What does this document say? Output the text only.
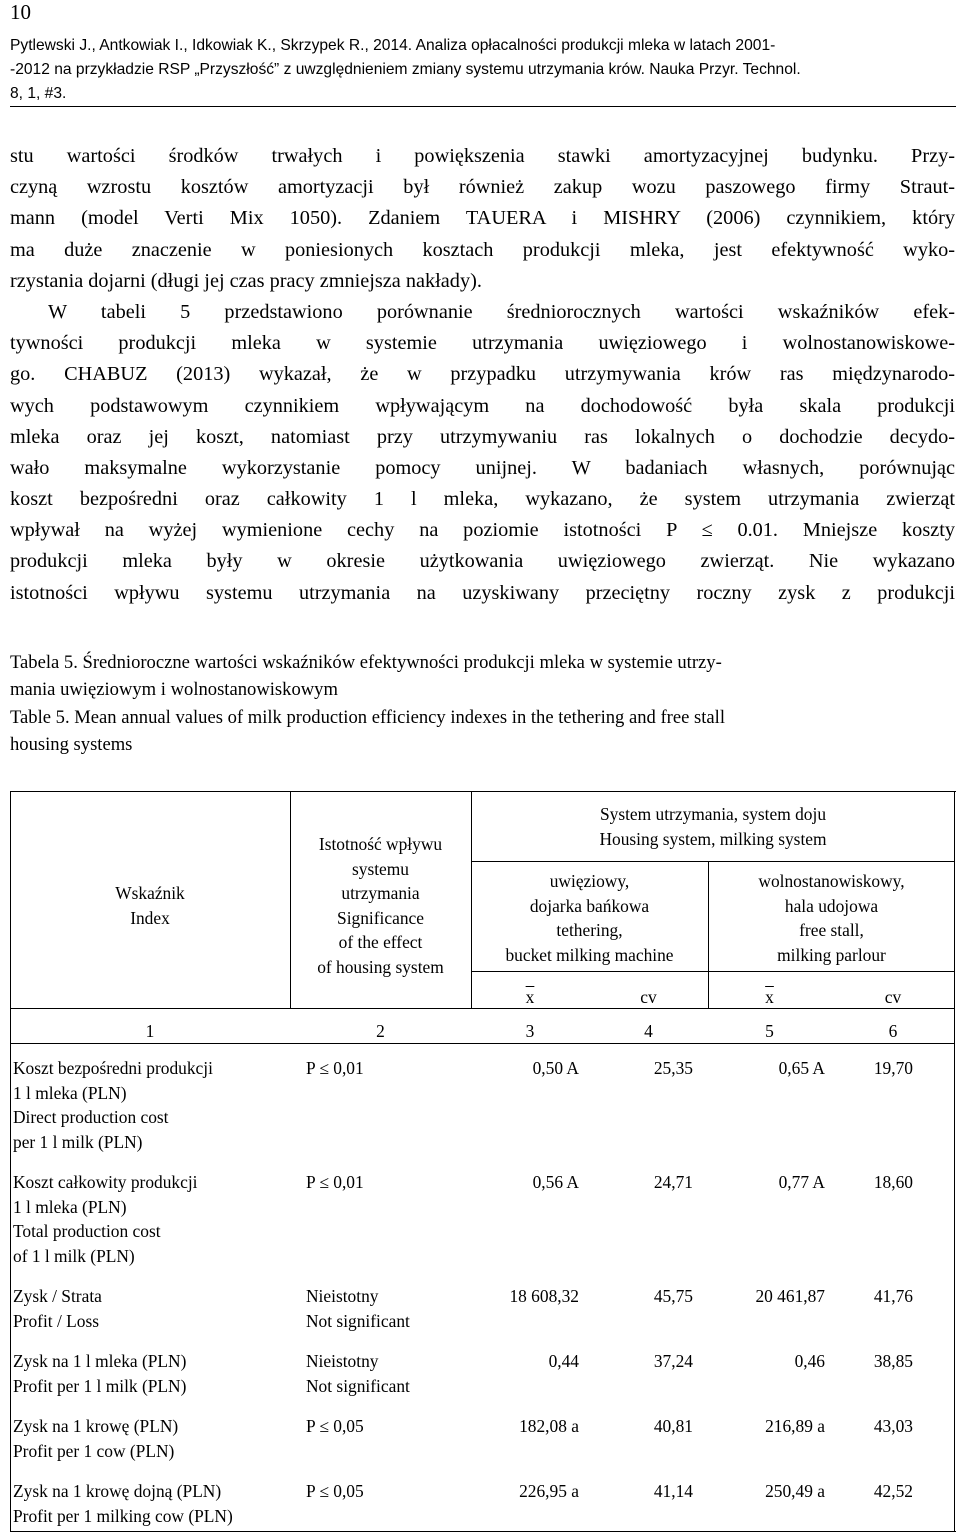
10
Pytlewski J., Antkowiak I., Idkowiak K., Skrzypek R., 2014. Analiza opłacalności produkcji mleka w latach 2001-
-2012 na przykładzie RSP „Przyszłość” z uwzględnieniem zmiany systemu utrzymania krów. Nauka Przyr. Technol.
8, 1, #3.
stu wartości środków trwałych i powiększenia stawki amortyzacyjnej budynku. Przy-
czyną wzrostu kosztów amortyzacji był również zakup wozu paszowego firmy Straut-
mann (model Verti Mix 1050). Zdaniem TAUERA i MISHRY (2006) czynnikiem, który
ma duże znaczenie w poniesionych kosztach produkcji mleka, jest efektywność wyko-
rzystania dojarni (długi jej czas pracy zmniejsza nakłady).
W tabeli 5 przedstawiono porównanie średniorocznych wartości wskaźników efek-
tywności produkcji mleka w systemie utrzymania uwięziowego i wolnostanowiskowe-
go. CHABUZ (2013) wykazał, że w przypadku utrzymywania krów ras międzynarodo-
wych podstawowym czynnikiem wpływającym na dochodowość była skala produkcji
mleka oraz jej koszt, natomiast przy utrzymywaniu ras lokalnych o dochodzie decydo-
wało maksymalne wykorzystanie pomocy unijnej. W badaniach własnych, porównując
koszt bezpośredni oraz całkowity 1 l mleka, wykazano, że system utrzymania zwierząt
wpływał na wyżej wymienione cechy na poziomie istotności P ≤ 0.01. Mniejsze koszty
produkcji mleka były w okresie użytkowania uwięziowego zwierząt. Nie wykazano
istotności wpływu systemu utrzymania na uzyskiwany przeciętny roczny zysk z produkcji
Tabela 5. Średnioroczne wartości wskaźników efektywności produkcji mleka w systemie utrzy-
mania uwięziowym i wolnostanowiskowym
Table 5. Mean annual values of milk production efficiency indexes in the tethering and free stall
housing systems
Wskaźnik
Index
Istotność wpływu
systemu
utrzymania
Significance
of the effect
of housing system
System utrzymania, system doju
Housing system, milking system
uwięziowy,
dojarka bańkowa
tethering,
bucket milking machine
wolnostanowiskowy,
hala udojowa
free stall,
milking parlour
$\overline{x}$	cv	$\overline{x}$	cv
1	2	3	4	5	6
Koszt bezpośredni produkcji
1 l mleka (PLN)
Direct production cost
per 1 l milk (PLN)
P ≤ 0,01	0,50 A	25,35	0,65 A	19,70
Koszt całkowity produkcji
1 l mleka (PLN)
Total production cost
of 1 l milk (PLN)
P ≤ 0,01	0,56 A	24,71	0,77 A	18,60
Zysk / Strata
Profit / Loss
Nieistotny
Not significant
18 608,32	45,75	20 461,87	41,76
Zysk na 1 l mleka (PLN)
Profit per 1 l milk (PLN)
Nieistotny
Not significant
0,44	37,24	0,46	38,85
Zysk na 1 krowę (PLN)
Profit per 1 cow (PLN)
P ≤ 0,05	182,08 a	40,81	216,89 a	43,03
Zysk na 1 krowę dojną (PLN)
Profit per 1 milking cow (PLN)
P ≤ 0,05	226,95 a	41,14	250,49 a	42,52
